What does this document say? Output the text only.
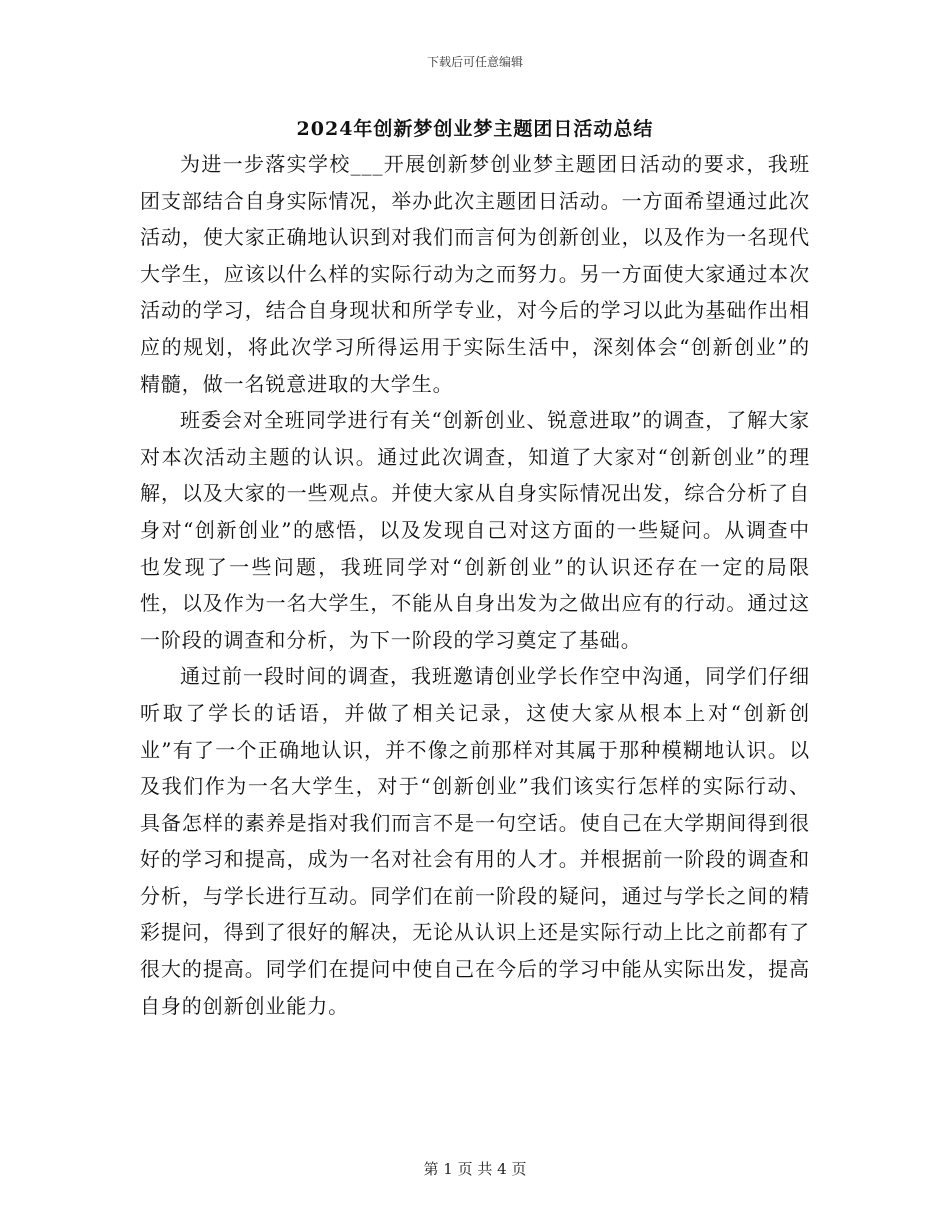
下载后可任意编辑
2024年创新梦创业梦主题团日活动总结

为进一步落实学校___开展创新梦创业梦主题团日活动的要求，我班团支部结合自身实际情况，举办此次主题团日活动。一方面希望通过此次活动，使大家正确地认识到对我们而言何为创新创业，以及作为一名现代大学生，应该以什么样的实际行动为之而努力。另一方面使大家通过本次活动的学习，结合自身现状和所学专业，对今后的学习以此为基础作出相应的规划，将此次学习所得运用于实际生活中，深刻体会“创新创业”的精髓，做一名锐意进取的大学生。

班委会对全班同学进行有关“创新创业、锐意进取”的调查，了解大家对本次活动主题的认识。通过此次调查，知道了大家对“创新创业”的理解，以及大家的一些观点。并使大家从自身实际情况出发，综合分析了自身对“创新创业”的感悟，以及发现自己对这方面的一些疑问。从调查中也发现了一些问题，我班同学对“创新创业”的认识还存在一定的局限性，以及作为一名大学生，不能从自身出发为之做出应有的行动。通过这一阶段的调查和分析，为下一阶段的学习奠定了基础。

通过前一段时间的调查，我班邀请创业学长作空中沟通，同学们仔细听取了学长的话语，并做了相关记录，这使大家从根本上对“创新创业”有了一个正确地认识，并不像之前那样对其属于那种模糊地认识。以及我们作为一名大学生，对于“创新创业”我们该实行怎样的实际行动、具备怎样的素养是指对我们而言不是一句空话。使自己在大学期间得到很好的学习和提高，成为一名对社会有用的人才。并根据前一阶段的调查和分析，与学长进行互动。同学们在前一阶段的疑问，通过与学长之间的精彩提问，得到了很好的解决，无论从认识上还是实际行动上比之前都有了很大的提高。同学们在提问中使自己在今后的学习中能从实际出发，提高自身的创新创业能力。

第 1 页 共 4 页
